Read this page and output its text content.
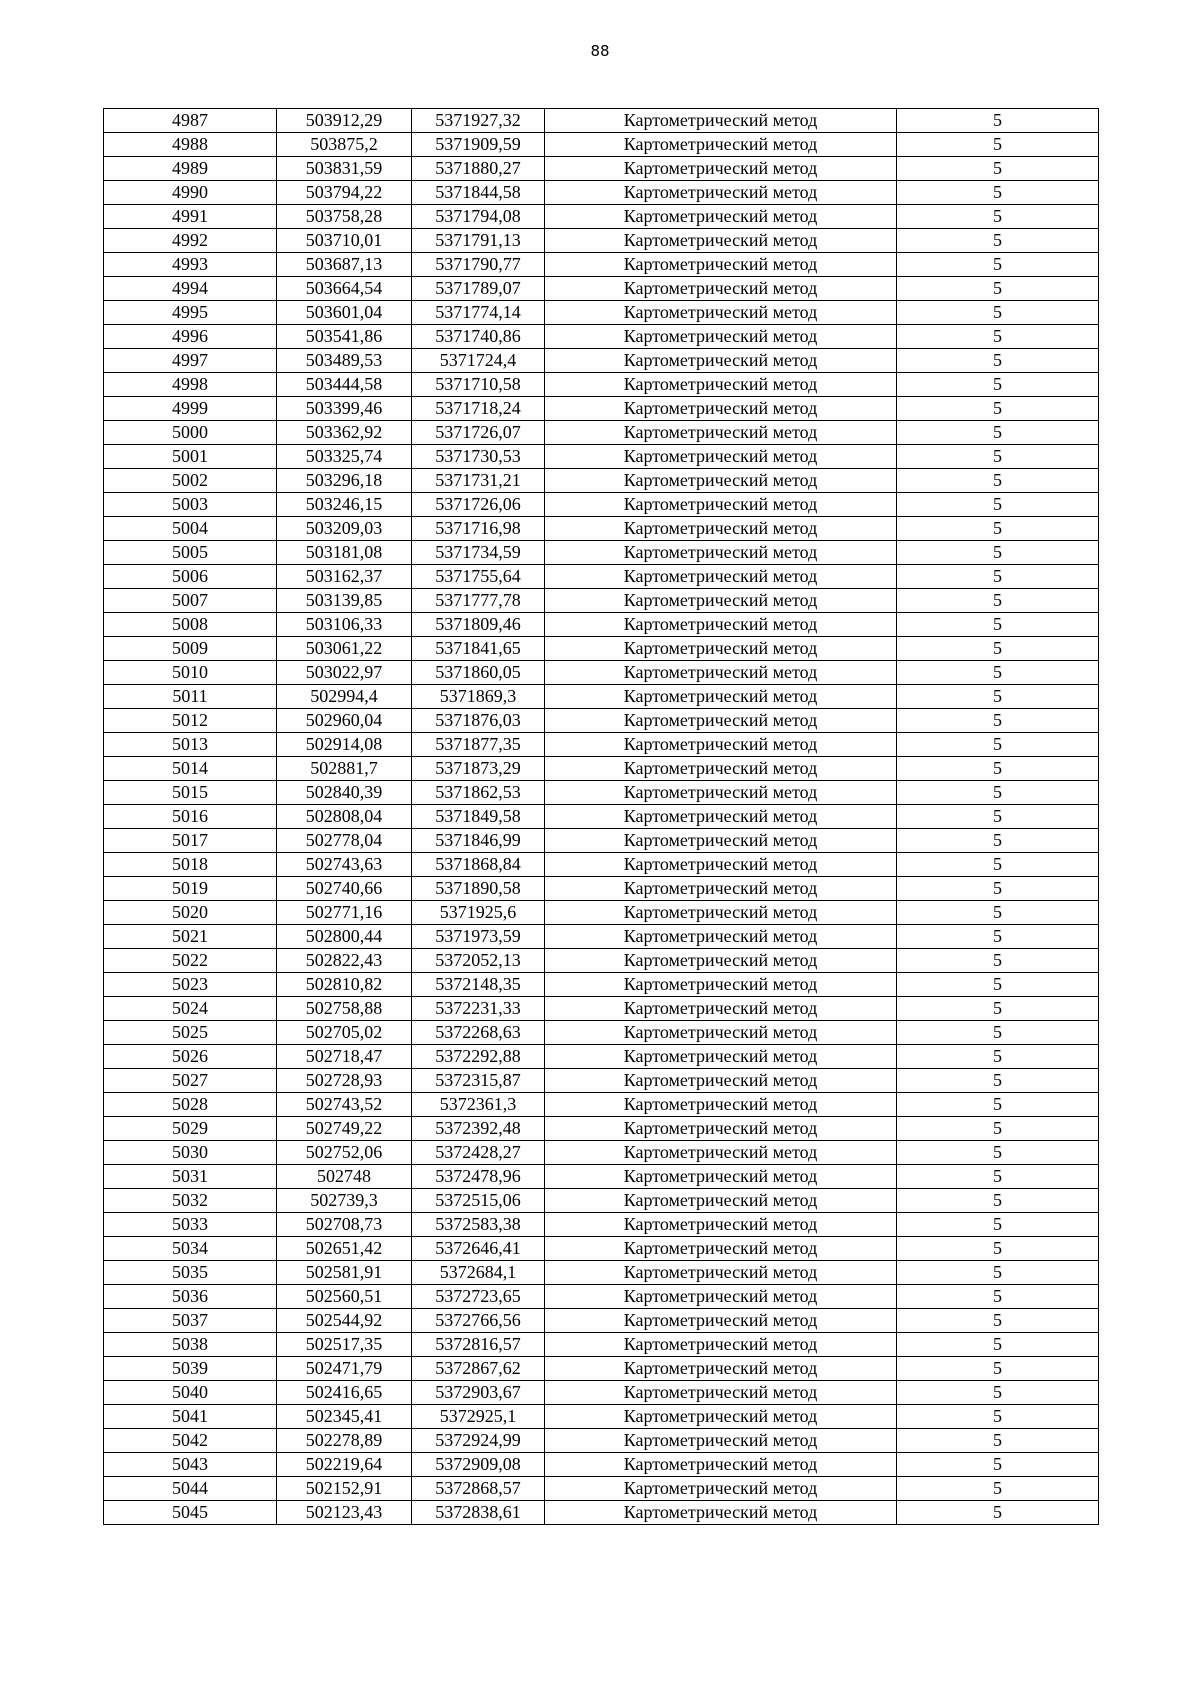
88
4987	503912,29	5371927,32	Картометрический метод	5
4988	503875,2	5371909,59	Картометрический метод	5
4989	503831,59	5371880,27	Картометрический метод	5
4990	503794,22	5371844,58	Картометрический метод	5
4991	503758,28	5371794,08	Картометрический метод	5
4992	503710,01	5371791,13	Картометрический метод	5
4993	503687,13	5371790,77	Картометрический метод	5
4994	503664,54	5371789,07	Картометрический метод	5
4995	503601,04	5371774,14	Картометрический метод	5
4996	503541,86	5371740,86	Картометрический метод	5
4997	503489,53	5371724,4	Картометрический метод	5
4998	503444,58	5371710,58	Картометрический метод	5
4999	503399,46	5371718,24	Картометрический метод	5
5000	503362,92	5371726,07	Картометрический метод	5
5001	503325,74	5371730,53	Картометрический метод	5
5002	503296,18	5371731,21	Картометрический метод	5
5003	503246,15	5371726,06	Картометрический метод	5
5004	503209,03	5371716,98	Картометрический метод	5
5005	503181,08	5371734,59	Картометрический метод	5
5006	503162,37	5371755,64	Картометрический метод	5
5007	503139,85	5371777,78	Картометрический метод	5
5008	503106,33	5371809,46	Картометрический метод	5
5009	503061,22	5371841,65	Картометрический метод	5
5010	503022,97	5371860,05	Картометрический метод	5
5011	502994,4	5371869,3	Картометрический метод	5
5012	502960,04	5371876,03	Картометрический метод	5
5013	502914,08	5371877,35	Картометрический метод	5
5014	502881,7	5371873,29	Картометрический метод	5
5015	502840,39	5371862,53	Картометрический метод	5
5016	502808,04	5371849,58	Картометрический метод	5
5017	502778,04	5371846,99	Картометрический метод	5
5018	502743,63	5371868,84	Картометрический метод	5
5019	502740,66	5371890,58	Картометрический метод	5
5020	502771,16	5371925,6	Картометрический метод	5
5021	502800,44	5371973,59	Картометрический метод	5
5022	502822,43	5372052,13	Картометрический метод	5
5023	502810,82	5372148,35	Картометрический метод	5
5024	502758,88	5372231,33	Картометрический метод	5
5025	502705,02	5372268,63	Картометрический метод	5
5026	502718,47	5372292,88	Картометрический метод	5
5027	502728,93	5372315,87	Картометрический метод	5
5028	502743,52	5372361,3	Картометрический метод	5
5029	502749,22	5372392,48	Картометрический метод	5
5030	502752,06	5372428,27	Картометрический метод	5
5031	502748	5372478,96	Картометрический метод	5
5032	502739,3	5372515,06	Картометрический метод	5
5033	502708,73	5372583,38	Картометрический метод	5
5034	502651,42	5372646,41	Картометрический метод	5
5035	502581,91	5372684,1	Картометрический метод	5
5036	502560,51	5372723,65	Картометрический метод	5
5037	502544,92	5372766,56	Картометрический метод	5
5038	502517,35	5372816,57	Картометрический метод	5
5039	502471,79	5372867,62	Картометрический метод	5
5040	502416,65	5372903,67	Картометрический метод	5
5041	502345,41	5372925,1	Картометрический метод	5
5042	502278,89	5372924,99	Картометрический метод	5
5043	502219,64	5372909,08	Картометрический метод	5
5044	502152,91	5372868,57	Картометрический метод	5
5045	502123,43	5372838,61	Картометрический метод	5
